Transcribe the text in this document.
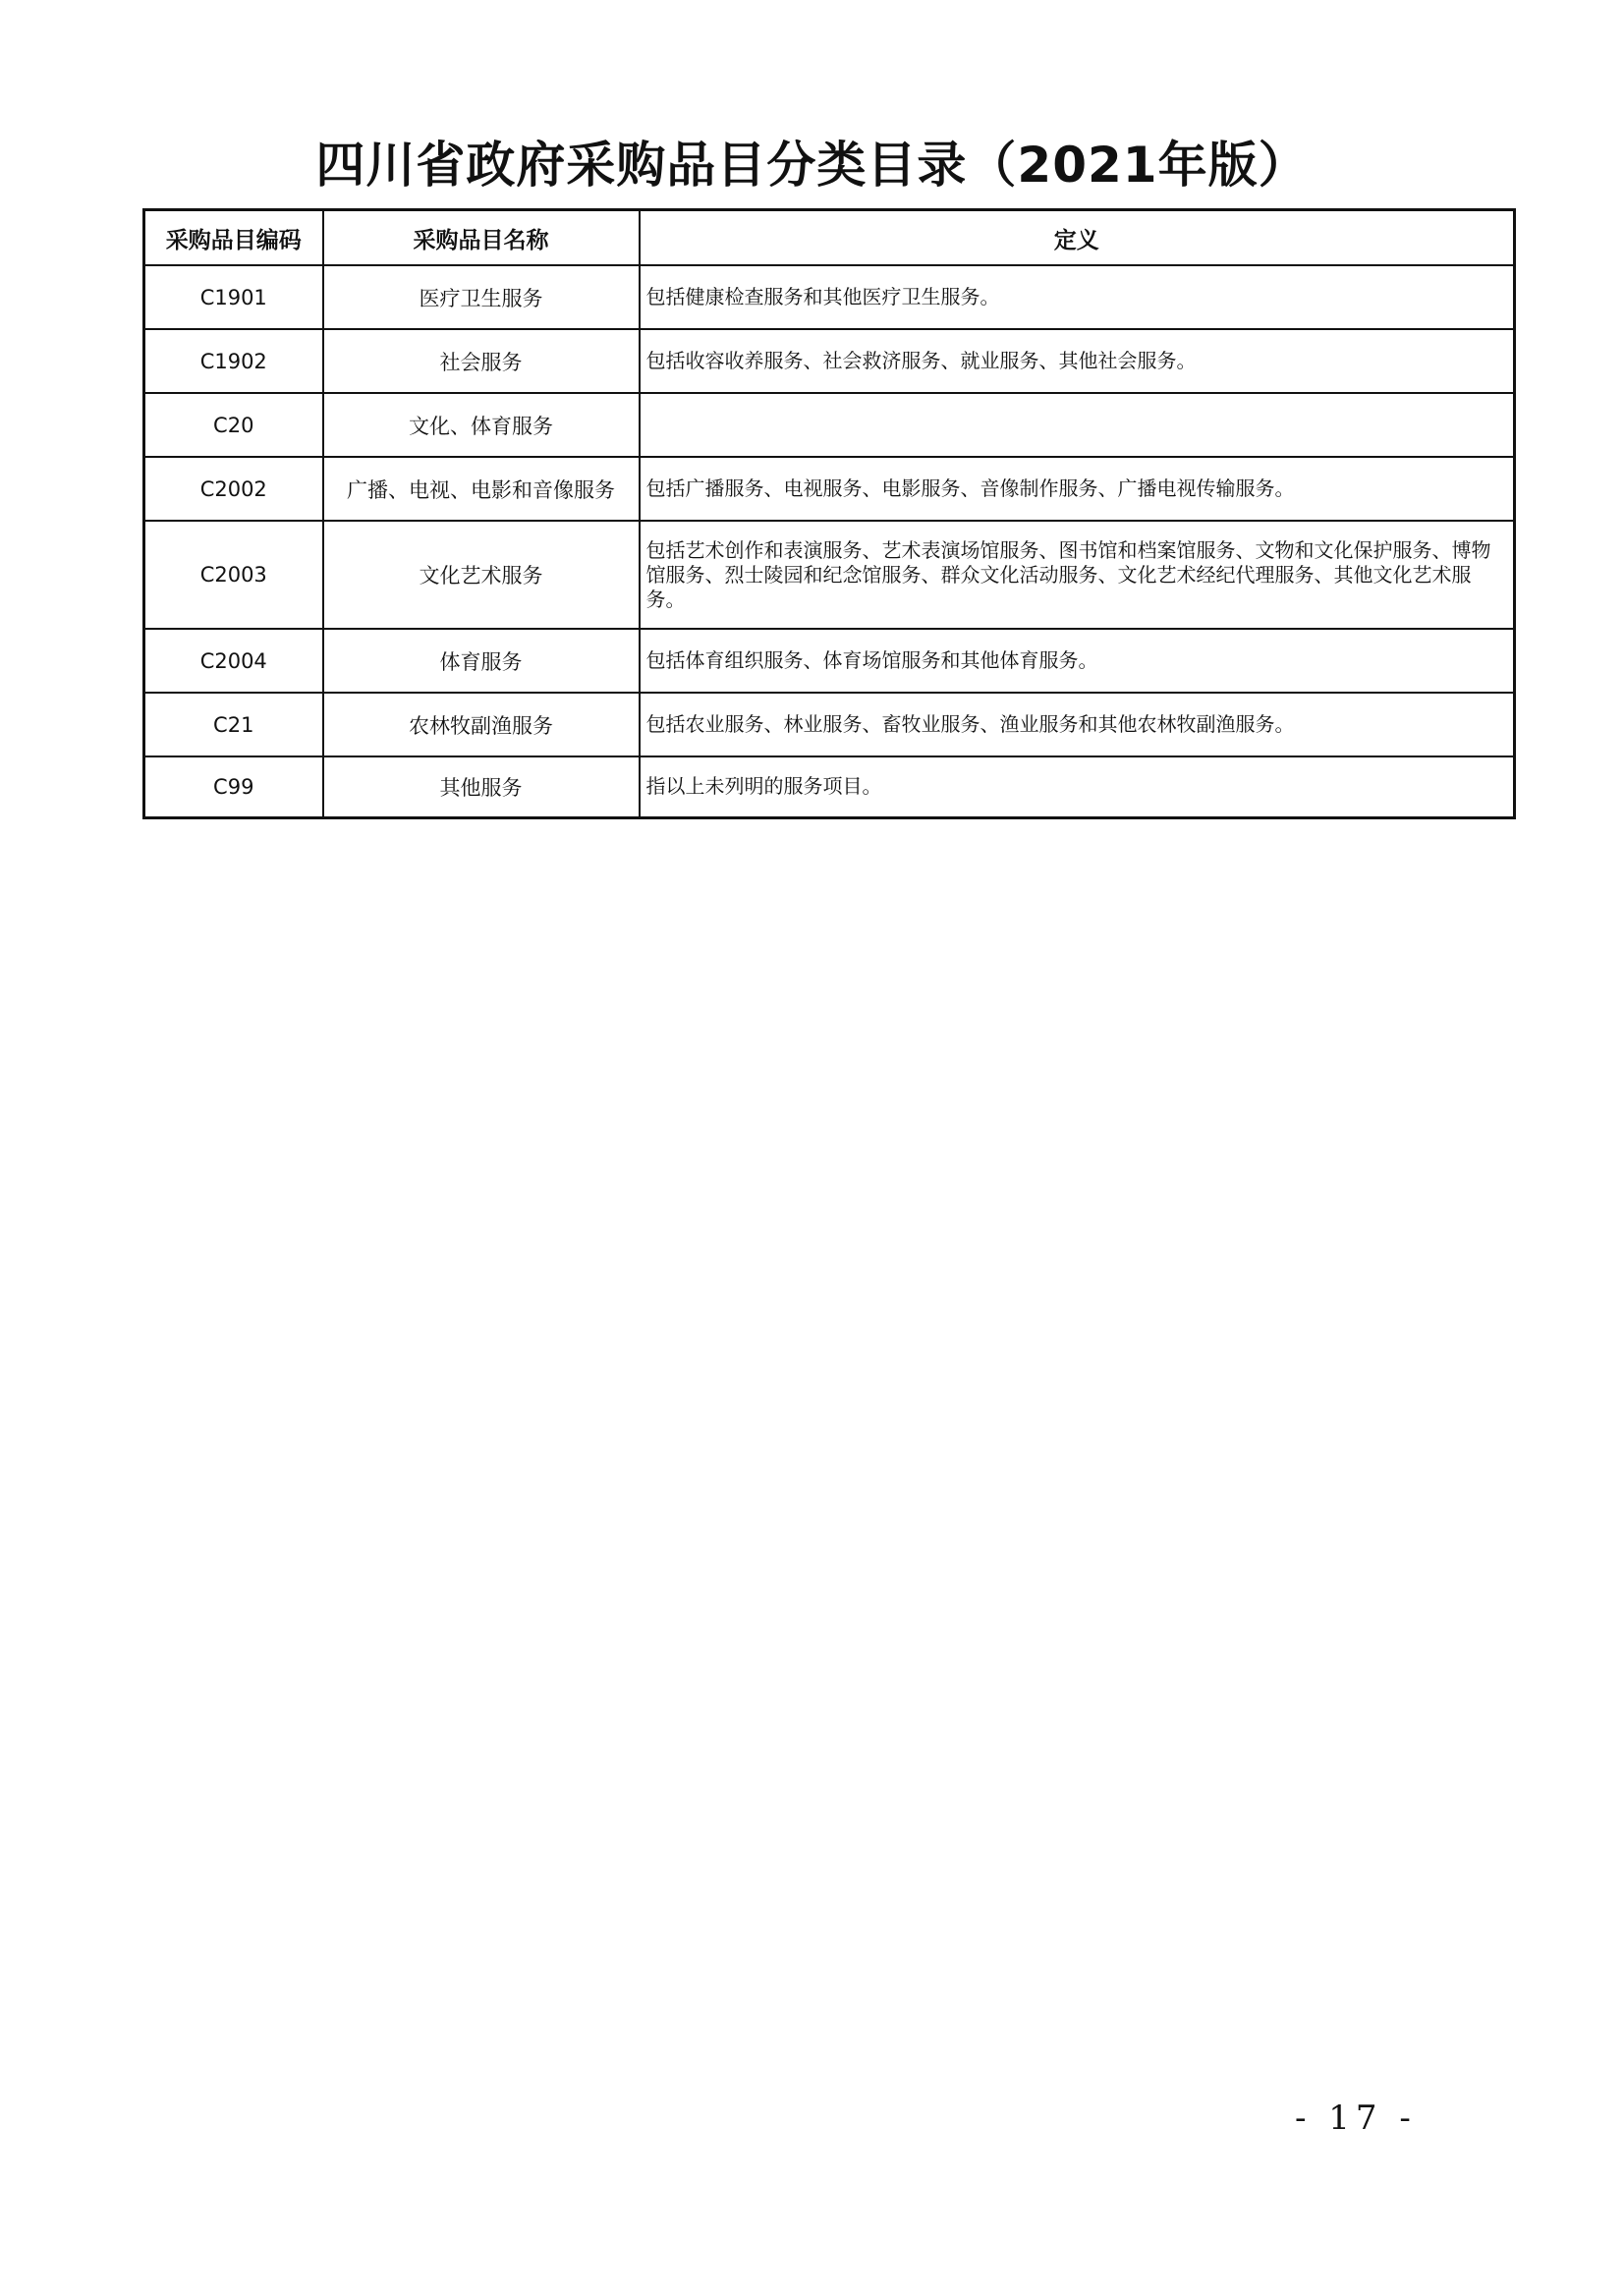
四川省政府采购品目分类目录（2021年版）
采购品目编码	采购品目名称	定义
C1901	医疗卫生服务	包括健康检查服务和其他医疗卫生服务。
C1902	社会服务	包括收容收养服务、社会救济服务、就业服务、其他社会服务。
C20	文化、体育服务	
C2002	广播、电视、电影和音像服务	包括广播服务、电视服务、电影服务、音像制作服务、广播电视传输服务。
C2003	文化艺术服务	包括艺术创作和表演服务、艺术表演场馆服务、图书馆和档案馆服务、文物和文化保护服务、博物馆服务、烈士陵园和纪念馆服务、群众文化活动服务、文化艺术经纪代理服务、其他文化艺术服务。
C2004	体育服务	包括体育组织服务、体育场馆服务和其他体育服务。
C21	农林牧副渔服务	包括农业服务、林业服务、畜牧业服务、渔业服务和其他农林牧副渔服务。
C99	其他服务	指以上未列明的服务项目。
- 17 -
